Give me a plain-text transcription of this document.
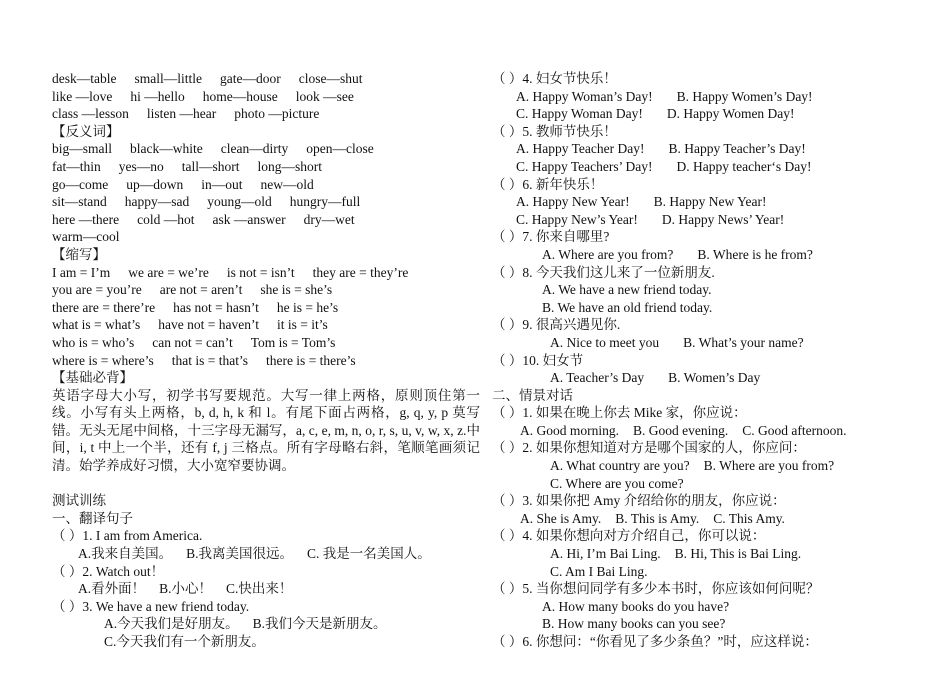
desk—table small—little gate—door close—shut
like —love hi —hello home—house look —see
class —lesson listen —hear photo —picture
【反义词】
big—small black—white clean—dirty open—close
fat—thin yes—no tall—short long—short
go—come up—down in—out new—old
sit—stand happy—sad young—old hungry—full
here —there cold —hot ask —answer dry—wet
warm—cool
【缩写】
I am = I’m we are = we’re is not = isn’t they are = they’re
you are = you’re are not = aren’t she is = she’s
there are = there’re has not = hasn’t he is = he’s
what is = what’s have not = haven’t it is = it’s
who is = who’s can not = can’t Tom is = Tom’s
where is = where’s that is = that’s there is = there’s
【基础必背】
英语字母大小写，初学书写要规范。大写一律上两格，原则顶住第一线。小写有头上两格，b, d, h, k 和 l。有尾下面占两格，g, q, y, p 莫写错。无头无尾中间格，十三字母无漏写，a, c, e, m, n, o, r, s, u, v, w, x, z.中间，i, t 中上一个半，还有 f, j 三格点。所有字母略右斜，笔顺笔画须记清。始学养成好习惯，大小宽窄要协调。
测试训练
一、翻译句子
（ ）1. I am from America.
A.我来自美国。 B.我离美国很远。 C. 我是一名美国人。
（ ）2. Watch out！
A.看外面！ B.小心！ C.快出来！
（ ）3. We have a new friend today.
A.今天我们是好朋友。 B.我们今天是新朋友。
C.今天我们有一个新朋友。
（ ）4. 妇女节快乐！
A. Happy Woman’s Day! B. Happy Women’s Day!
C. Happy Woman Day! D. Happy Women Day!
（ ）5. 教师节快乐！
A. Happy Teacher Day! B. Happy Teacher’s Day!
C. Happy Teachers’ Day! D. Happy teacher‘s Day!
（ ）6. 新年快乐！
A. Happy New Year! B. Happy New Year!
C. Happy New’s Year! D. Happy News’ Year!
（ ）7. 你来自哪里?
A. Where are you from? B. Where is he from?
（ ）8. 今天我们这儿来了一位新朋友.
A. We have a new friend today.
B. We have an old friend today.
（ ）9. 很高兴遇见你.
A. Nice to meet you B. What’s your name?
（ ）10. 妇女节
A. Teacher’s Day B. Women’s Day
二、情景对话
（ ）1. 如果在晚上你去 Mike 家，你应说：
A. Good morning. B. Good evening. C. Good afternoon.
（ ）2. 如果你想知道对方是哪个国家的人，你应问：
A. What country are you? B. Where are you from?
C. Where are you come?
（ ）3. 如果你把 Amy 介绍给你的朋友，你应说：
A. She is Amy. B. This is Amy. C. This Amy.
（ ）4. 如果你想向对方介绍自己，你可以说：
A. Hi, I’m Bai Ling. B. Hi, This is Bai Ling.
C. Am I Bai Ling.
（ ）5. 当你想问同学有多少本书时，你应该如何问呢？
A. How many books do you have?
B. How many books can you see?
（ ）6. 你想问：“你看见了多少条鱼？”时，应这样说：
